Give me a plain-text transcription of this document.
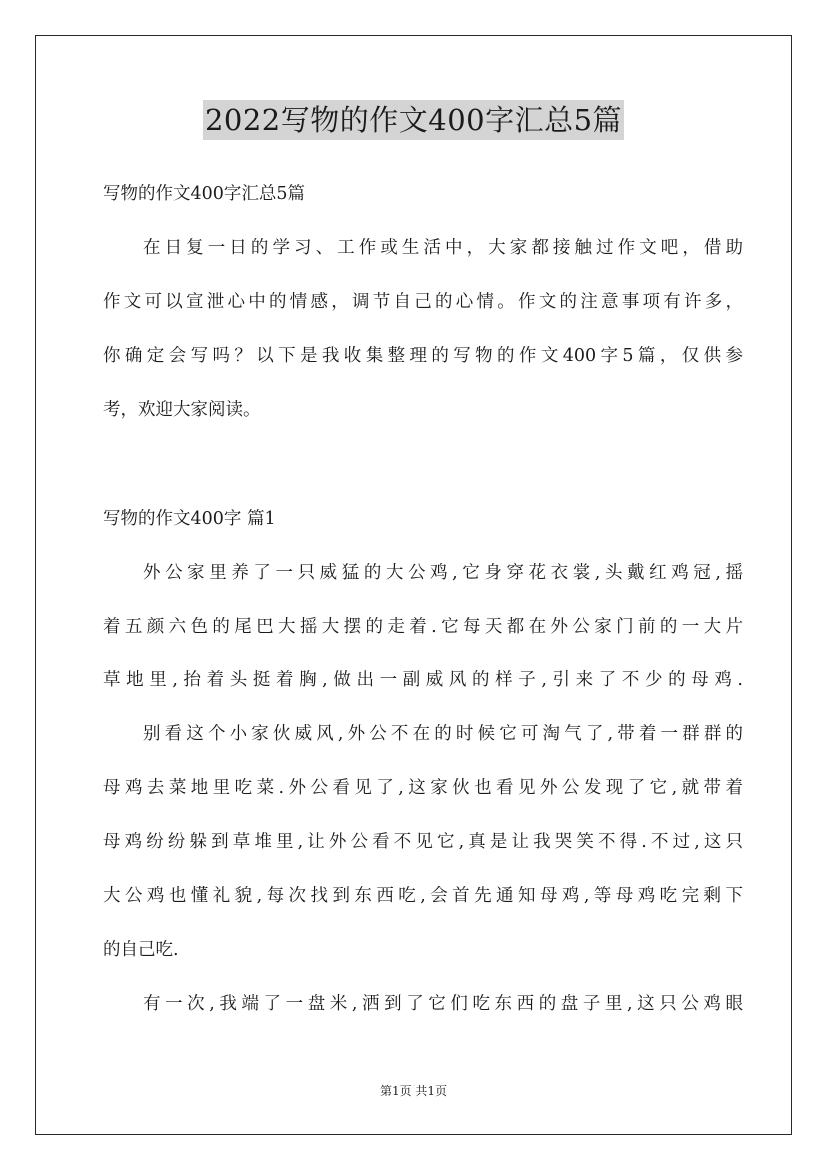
2022写物的作文400字汇总5篇

写物的作文400字汇总5篇

在日复一日的学习、工作或生活中，大家都接触过作文吧，借助

作文可以宣泄心中的情感，调节自己的心情。作文的注意事项有许多，

你确定会写吗？以下是我收集整理的写物的作文400字5篇，仅供参

考，欢迎大家阅读。

写物的作文400字 篇1

外公家里养了一只威猛的大公鸡,它身穿花衣裳,头戴红鸡冠,摇

着五颜六色的尾巴大摇大摆的走着.它每天都在外公家门前的一大片

草地里,抬着头挺着胸,做出一副威风的样子,引来了不少的母鸡.

别看这个小家伙威风,外公不在的时候它可淘气了,带着一群群的

母鸡去菜地里吃菜.外公看见了,这家伙也看见外公发现了它,就带着

母鸡纷纷躲到草堆里,让外公看不见它,真是让我哭笑不得.不过,这只

大公鸡也懂礼貌,每次找到东西吃,会首先通知母鸡,等母鸡吃完剩下

的自己吃.

有一次,我端了一盘米,洒到了它们吃东西的盘子里,这只公鸡眼

第1页 共1页
